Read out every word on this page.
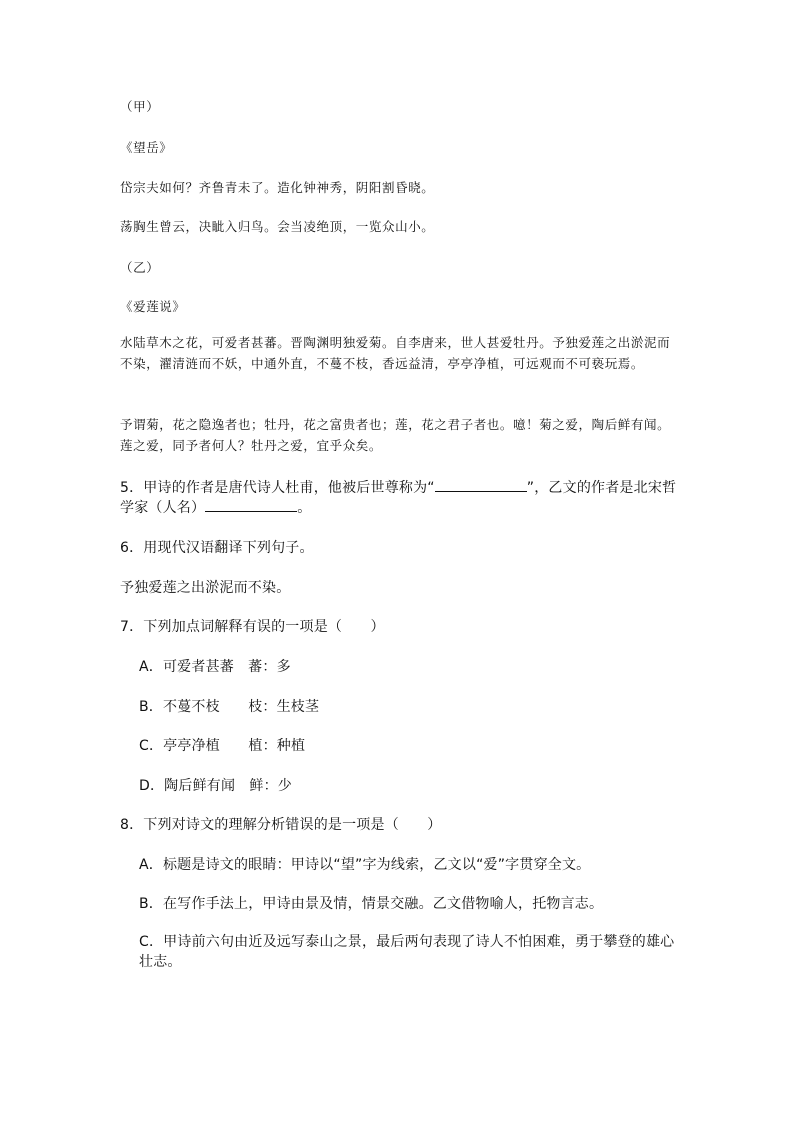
（甲）
《望岳》
岱宗夫如何？齐鲁青未了。造化钟神秀，阴阳割昏晓。
荡胸生曾云，决眦入归鸟。会当凌绝顶，一览众山小。
（乙）
《爱莲说》
水陆草木之花，可爱者甚蕃。晋陶渊明独爱菊。自李唐来，世人甚爱牡丹。予独爱莲之出淤泥而不染，濯清涟而不妖，中通外直，不蔓不枝，香远益清，亭亭净植，可远观而不可亵玩焉。
予谓菊，花之隐逸者也；牡丹，花之富贵者也；莲，花之君子者也。噫！菊之爱，陶后鲜有闻。莲之爱，同予者何人？牡丹之爱，宜乎众矣。
5．甲诗的作者是唐代诗人杜甫，他被后世尊称为“	”，乙文的作者是北宋哲
学家（人名）	。
6．用现代汉语翻译下列句子。
予独爱莲之出淤泥而不染。
7．下列加点词解释有误的一项是（　　）
A．可爱者甚蕃　蕃：多
B．不蔓不枝　　枝：生枝茎
C．亭亭净植　　植：种植
D．陶后鲜有闻　鲜：少
8．下列对诗文的理解分析错误的是一项是（　　）
A．标题是诗文的眼睛：甲诗以“望”字为线索，乙文以“爱”字贯穿全文。
B．在写作手法上，甲诗由景及情，情景交融。乙文借物喻人，托物言志。
C．甲诗前六句由近及远写泰山之景，最后两句表现了诗人不怕困难，勇于攀登的雄心壮志。
